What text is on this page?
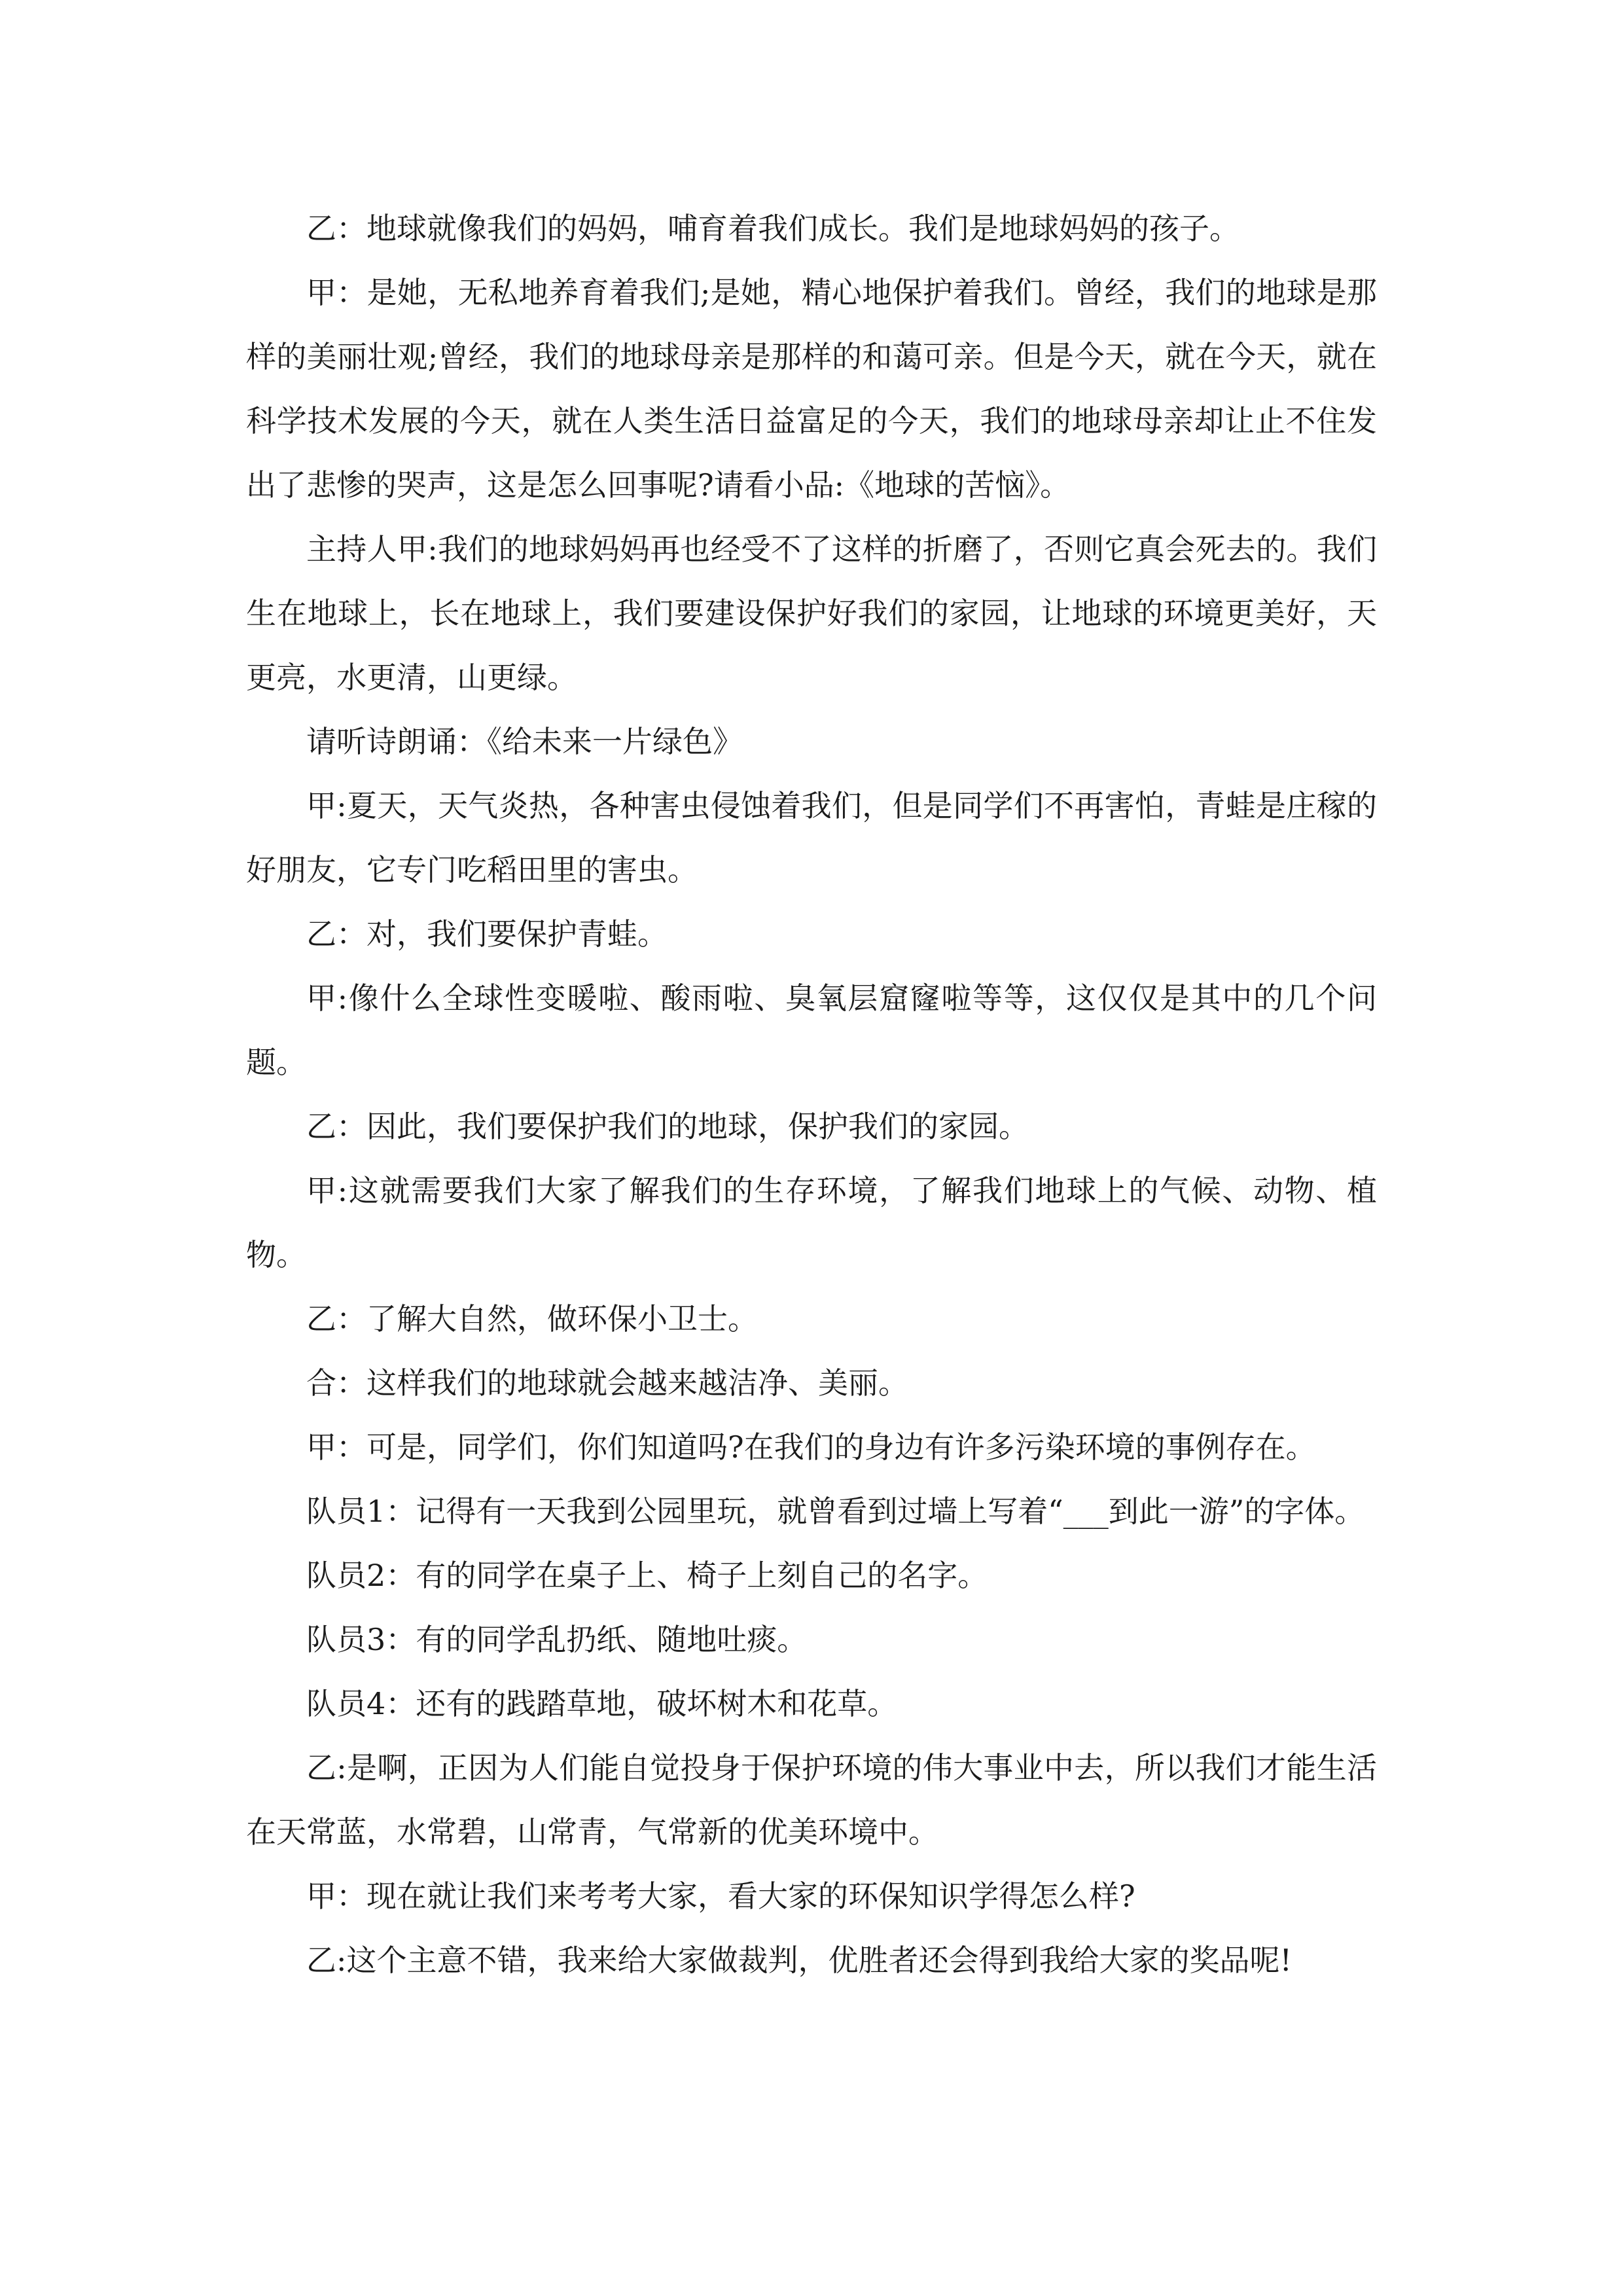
乙：地球就像我们的妈妈，哺育着我们成长。我们是地球妈妈的孩子。

甲：是她，无私地养育着我们;是她，精心地保护着我们。曾经，我们的地球是那样的美丽壮观;曾经，我们的地球母亲是那样的和蔼可亲。但是今天，就在今天，就在科学技术发展的今天，就在人类生活日益富足的今天，我们的地球母亲却让止不住发出了悲惨的哭声，这是怎么回事呢?请看小品:《地球的苦恼》。

主持人甲:我们的地球妈妈再也经受不了这样的折磨了，否则它真会死去的。我们生在地球上，长在地球上，我们要建设保护好我们的家园，让地球的环境更美好，天更亮，水更清，山更绿。

请听诗朗诵：《给未来一片绿色》

甲:夏天，天气炎热，各种害虫侵蚀着我们，但是同学们不再害怕，青蛙是庄稼的好朋友，它专门吃稻田里的害虫。

乙：对，我们要保护青蛙。

甲:像什么全球性变暖啦、酸雨啦、臭氧层窟窿啦等等，这仅仅是其中的几个问题。

乙：因此，我们要保护我们的地球，保护我们的家园。

甲:这就需要我们大家了解我们的生存环境，了解我们地球上的气候、动物、植物。

乙：了解大自然，做环保小卫士。

合：这样我们的地球就会越来越洁净、美丽。

甲：可是，同学们，你们知道吗?在我们的身边有许多污染环境的事例存在。

队员1：记得有一天我到公园里玩，就曾看到过墙上写着“___到此一游”的字体。

队员2：有的同学在桌子上、椅子上刻自己的名字。

队员3：有的同学乱扔纸、随地吐痰。

队员4：还有的践踏草地，破坏树木和花草。

乙:是啊，正因为人们能自觉投身于保护环境的伟大事业中去，所以我们才能生活在天常蓝，水常碧，山常青，气常新的优美环境中。

甲：现在就让我们来考考大家，看大家的环保知识学得怎么样?

乙:这个主意不错，我来给大家做裁判，优胜者还会得到我给大家的奖品呢!
